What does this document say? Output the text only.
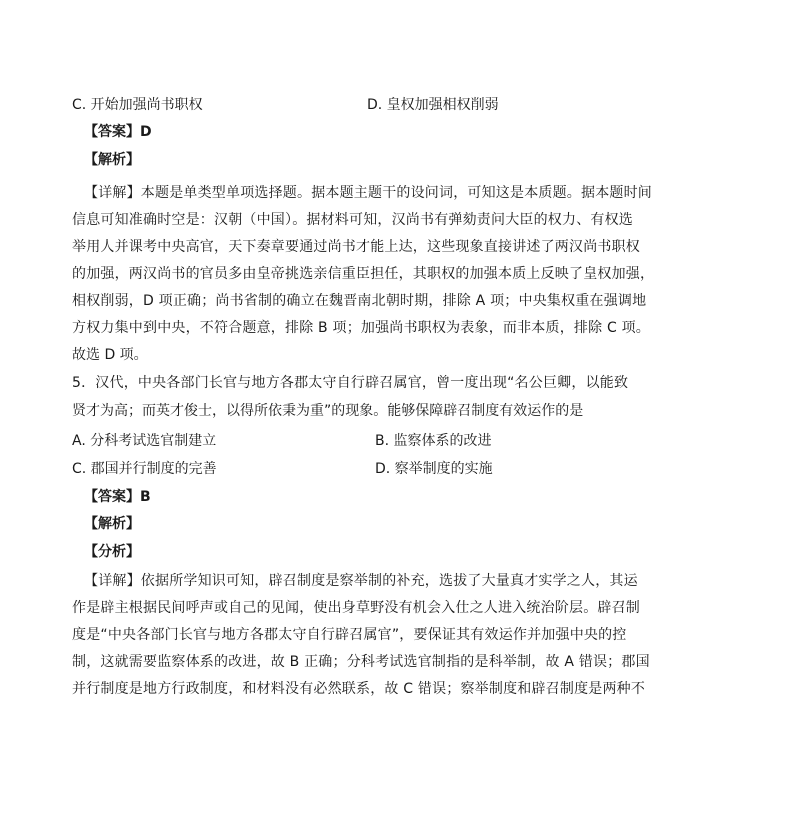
C. 开始加强尚书职权	D. 皇权加强相权削弱
【答案】D
【解析】
【详解】本题是单类型单项选择题。据本题主题干的设问词，可知这是本质题。据本题时间
信息可知准确时空是：汉朝（中国）。据材料可知，汉尚书有弹劾责问大臣的权力、有权选
举用人并课考中央高官，天下奏章要通过尚书才能上达，这些现象直接讲述了两汉尚书职权
的加强，两汉尚书的官员多由皇帝挑选亲信重臣担任，其职权的加强本质上反映了皇权加强，
相权削弱，D 项正确；尚书省制的确立在魏晋南北朝时期，排除 A 项；中央集权重在强调地
方权力集中到中央，不符合题意，排除 B 项；加强尚书职权为表象，而非本质，排除 C 项。
故选 D 项。
5．汉代，中央各部门长官与地方各郡太守自行辟召属官，曾一度出现“名公巨卿，以能致
贤才为高；而英才俊士，以得所依秉为重”的现象。能够保障辟召制度有效运作的是
A. 分科考试选官制建立	B. 监察体系的改进
C. 郡国并行制度的完善	D. 察举制度的实施
【答案】B
【解析】
【分析】
【详解】依据所学知识可知，辟召制度是察举制的补充，选拔了大量真才实学之人，其运
作是辟主根据民间呼声或自己的见闻，使出身草野没有机会入仕之人进入统治阶层。辟召制
度是“中央各部门长官与地方各郡太守自行辟召属官”，要保证其有效运作并加强中央的控
制，这就需要监察体系的改进，故 B 正确；分科考试选官制指的是科举制，故 A 错误；郡国
并行制度是地方行政制度，和材料没有必然联系，故 C 错误；察举制度和辟召制度是两种不
